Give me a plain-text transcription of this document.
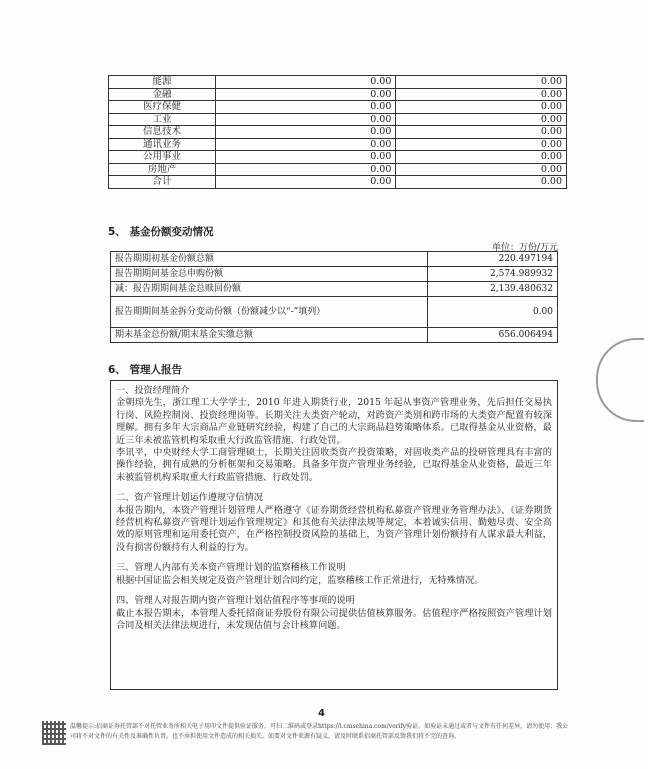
能源	0.00	0.00
金融	0.00	0.00
医疗保健	0.00	0.00
工业	0.00	0.00
信息技术	0.00	0.00
通讯业务	0.00	0.00
公用事业	0.00	0.00
房地产	0.00	0.00
合计	0.00	0.00
5、 基金份额变动情况
单位：万份/万元
报告期期初基金份额总额	220.497194
报告期期间基金总申购份额	2,574.989932
减：报告期期间基金总赎回份额	2,139.480632
报告期期间基金拆分变动份额（份额减少以“-”填列）	0.00
期末基金总份额/期末基金实缴总额	656.006494
6、 管理人报告

一、投资经理简介

金朝琼先生，浙江理工大学学士，2010 年进入期货行业，2015 年起从事资产管理业务，先后担任交易执行岗、风险控制岗、投资经理岗等。长期关注大类资产轮动，对跨资产类别和跨市场的大类资产配置有较深理解。拥有多年大宗商品产业链研究经验，构建了自己的大宗商品趋势策略体系。已取得基金从业资格，最近三年未被监管机构采取重大行政监管措施、行政处罚。

李讯平，中央财经大学工商管理硕士，长期关注固收类资产投资策略，对固收类产品的投研管理具有丰富的操作经验，拥有成熟的分析框架和交易策略。具备多年资产管理业务经验，已取得基金从业资格，最近三年未被监管机构采取重大行政监管措施、行政处罚。

二、资产管理计划运作遵规守信情况

本报告期内，本资产管理计划管理人严格遵守《证券期货经营机构私募资产管理业务管理办法》、《证券期货经营机构私募资产管理计划运作管理规定》和其他有关法律法规等规定，本着诚实信用、勤勉尽责、安全高效的原则管理和运用委托资产，在严格控制投资风险的基础上，为资产管理计划份额持有人谋求最大利益，没有损害份额持有人利益的行为。

三、管理人内部有关本资产管理计划的监察稽核工作说明

根据中国证监会相关规定及资产管理计划合同约定，监察稽核工作正常进行，无特殊情况。

四、管理人对报告期内资产管理计划估值程序等事项的说明

截止本报告期末，本管理人委托招商证券股份有限公司提供估值核算服务。估值程序严格按照资产管理计划合同及相关法律法规进行，未发现估值与会计核算问题。

4
温馨提示:招商证券托管部不对托管业务所相关电子用印文件提供验证服务，可扫二维码或登录https://i.cmschina.com/verify验证。如验证未通过或者与文件有任何差异，请勿使用；我公司将不对文件的有关性及准确性负责。也不承担使用文件造成的相关损失。如要对文件来源有疑义，请及时联系招商托管部反馈我们将不完的查询。
